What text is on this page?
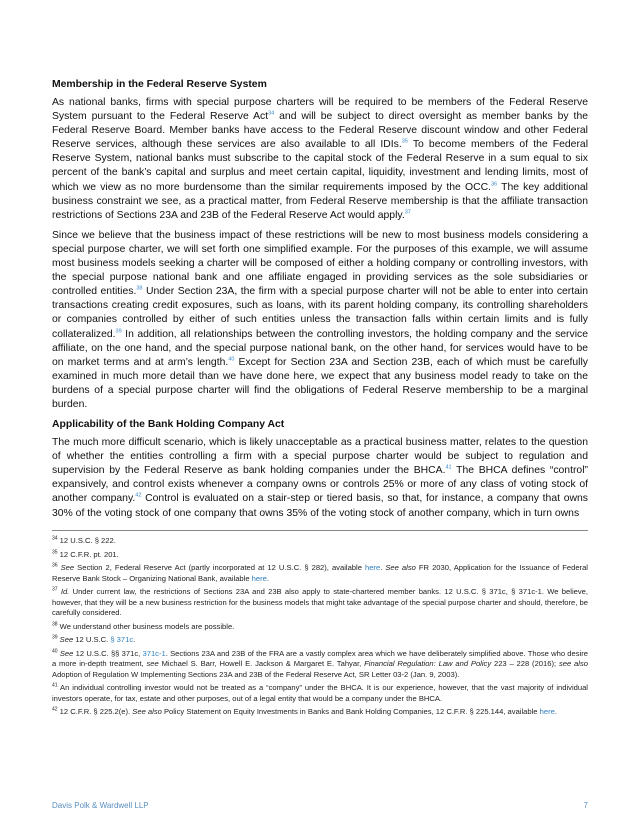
Membership in the Federal Reserve System

As national banks, firms with special purpose charters will be required to be members of the Federal Reserve System pursuant to the Federal Reserve Act$^{34}$ and will be subject to direct oversight as member banks by the Federal Reserve Board. Member banks have access to the Federal Reserve discount window and other Federal Reserve services, although these services are also available to all IDIs.$^{35}$ To become members of the Federal Reserve System, national banks must subscribe to the capital stock of the Federal Reserve in a sum equal to six percent of the bank’s capital and surplus and meet certain capital, liquidity, investment and lending limits, most of which we view as no more burdensome than the similar requirements imposed by the OCC.$^{36}$ The key additional business constraint we see, as a practical matter, from Federal Reserve membership is that the affiliate transaction restrictions of Sections 23A and 23B of the Federal Reserve Act would apply.$^{37}$

Since we believe that the business impact of these restrictions will be new to most business models considering a special purpose charter, we will set forth one simplified example. For the purposes of this example, we will assume most business models seeking a charter will be composed of either a holding company or controlling investors, with the special purpose national bank and one affiliate engaged in providing services as the sole subsidiaries or controlled entities.$^{38}$ Under Section 23A, the firm with a special purpose charter will not be able to enter into certain transactions creating credit exposures, such as loans, with its parent holding company, its controlling shareholders or companies controlled by either of such entities unless the transaction falls within certain limits and is fully collateralized.$^{39}$ In addition, all relationships between the controlling investors, the holding company and the service affiliate, on the one hand, and the special purpose national bank, on the other hand, for services would have to be on market terms and at arm’s length.$^{40}$ Except for Section 23A and Section 23B, each of which must be carefully examined in much more detail than we have done here, we expect that any business model ready to take on the burdens of a special purpose charter will find the obligations of Federal Reserve membership to be a marginal burden.

Applicability of the Bank Holding Company Act

The much more difficult scenario, which is likely unacceptable as a practical business matter, relates to the question of whether the entities controlling a firm with a special purpose charter would be subject to regulation and supervision by the Federal Reserve as bank holding companies under the BHCA.$^{41}$ The BHCA defines “control” expansively, and control exists whenever a company owns or controls 25% or more of any class of voting stock of another company.$^{42}$ Control is evaluated on a stair-step or tiered basis, so that, for instance, a company that owns 30% of the voting stock of one company that owns 35% of the voting stock of another company, which in turn owns

$^{34}$ 12 U.S.C. § 222.
$^{35}$ 12 C.F.R. pt. 201.
$^{36}$ See Section 2, Federal Reserve Act (partly incorporated at 12 U.S.C. § 282), available here. See also FR 2030, Application for the Issuance of Federal Reserve Bank Stock – Organizing National Bank, available here.
$^{37}$ Id. Under current law, the restrictions of Sections 23A and 23B also apply to state-chartered member banks. 12 U.S.C. § 371c, § 371c-1. We believe, however, that they will be a new business restriction for the business models that might take advantage of the special purpose charter and should, therefore, be carefully considered.
$^{38}$ We understand other business models are possible.
$^{39}$ See 12 U.S.C. § 371c.
$^{40}$ See 12 U.S.C. §§ 371c, 371c-1. Sections 23A and 23B of the FRA are a vastly complex area which we have deliberately simplified above. Those who desire a more in-depth treatment, see Michael S. Barr, Howell E. Jackson & Margaret E. Tahyar, Financial Regulation: Law and Policy 223 – 228 (2016); see also Adoption of Regulation W Implementing Sections 23A and 23B of the Federal Reserve Act, SR Letter 03-2 (Jan. 9, 2003).
$^{41}$ An individual controlling investor would not be treated as a “company” under the BHCA. It is our experience, however, that the vast majority of individual investors operate, for tax, estate and other purposes, out of a legal entity that would be a company under the BHCA.
$^{42}$ 12 C.F.R. § 225.2(e). See also Policy Statement on Equity Investments in Banks and Bank Holding Companies, 12 C.F.R. § 225.144, available here.
Davis Polk & Wardwell LLP	7
